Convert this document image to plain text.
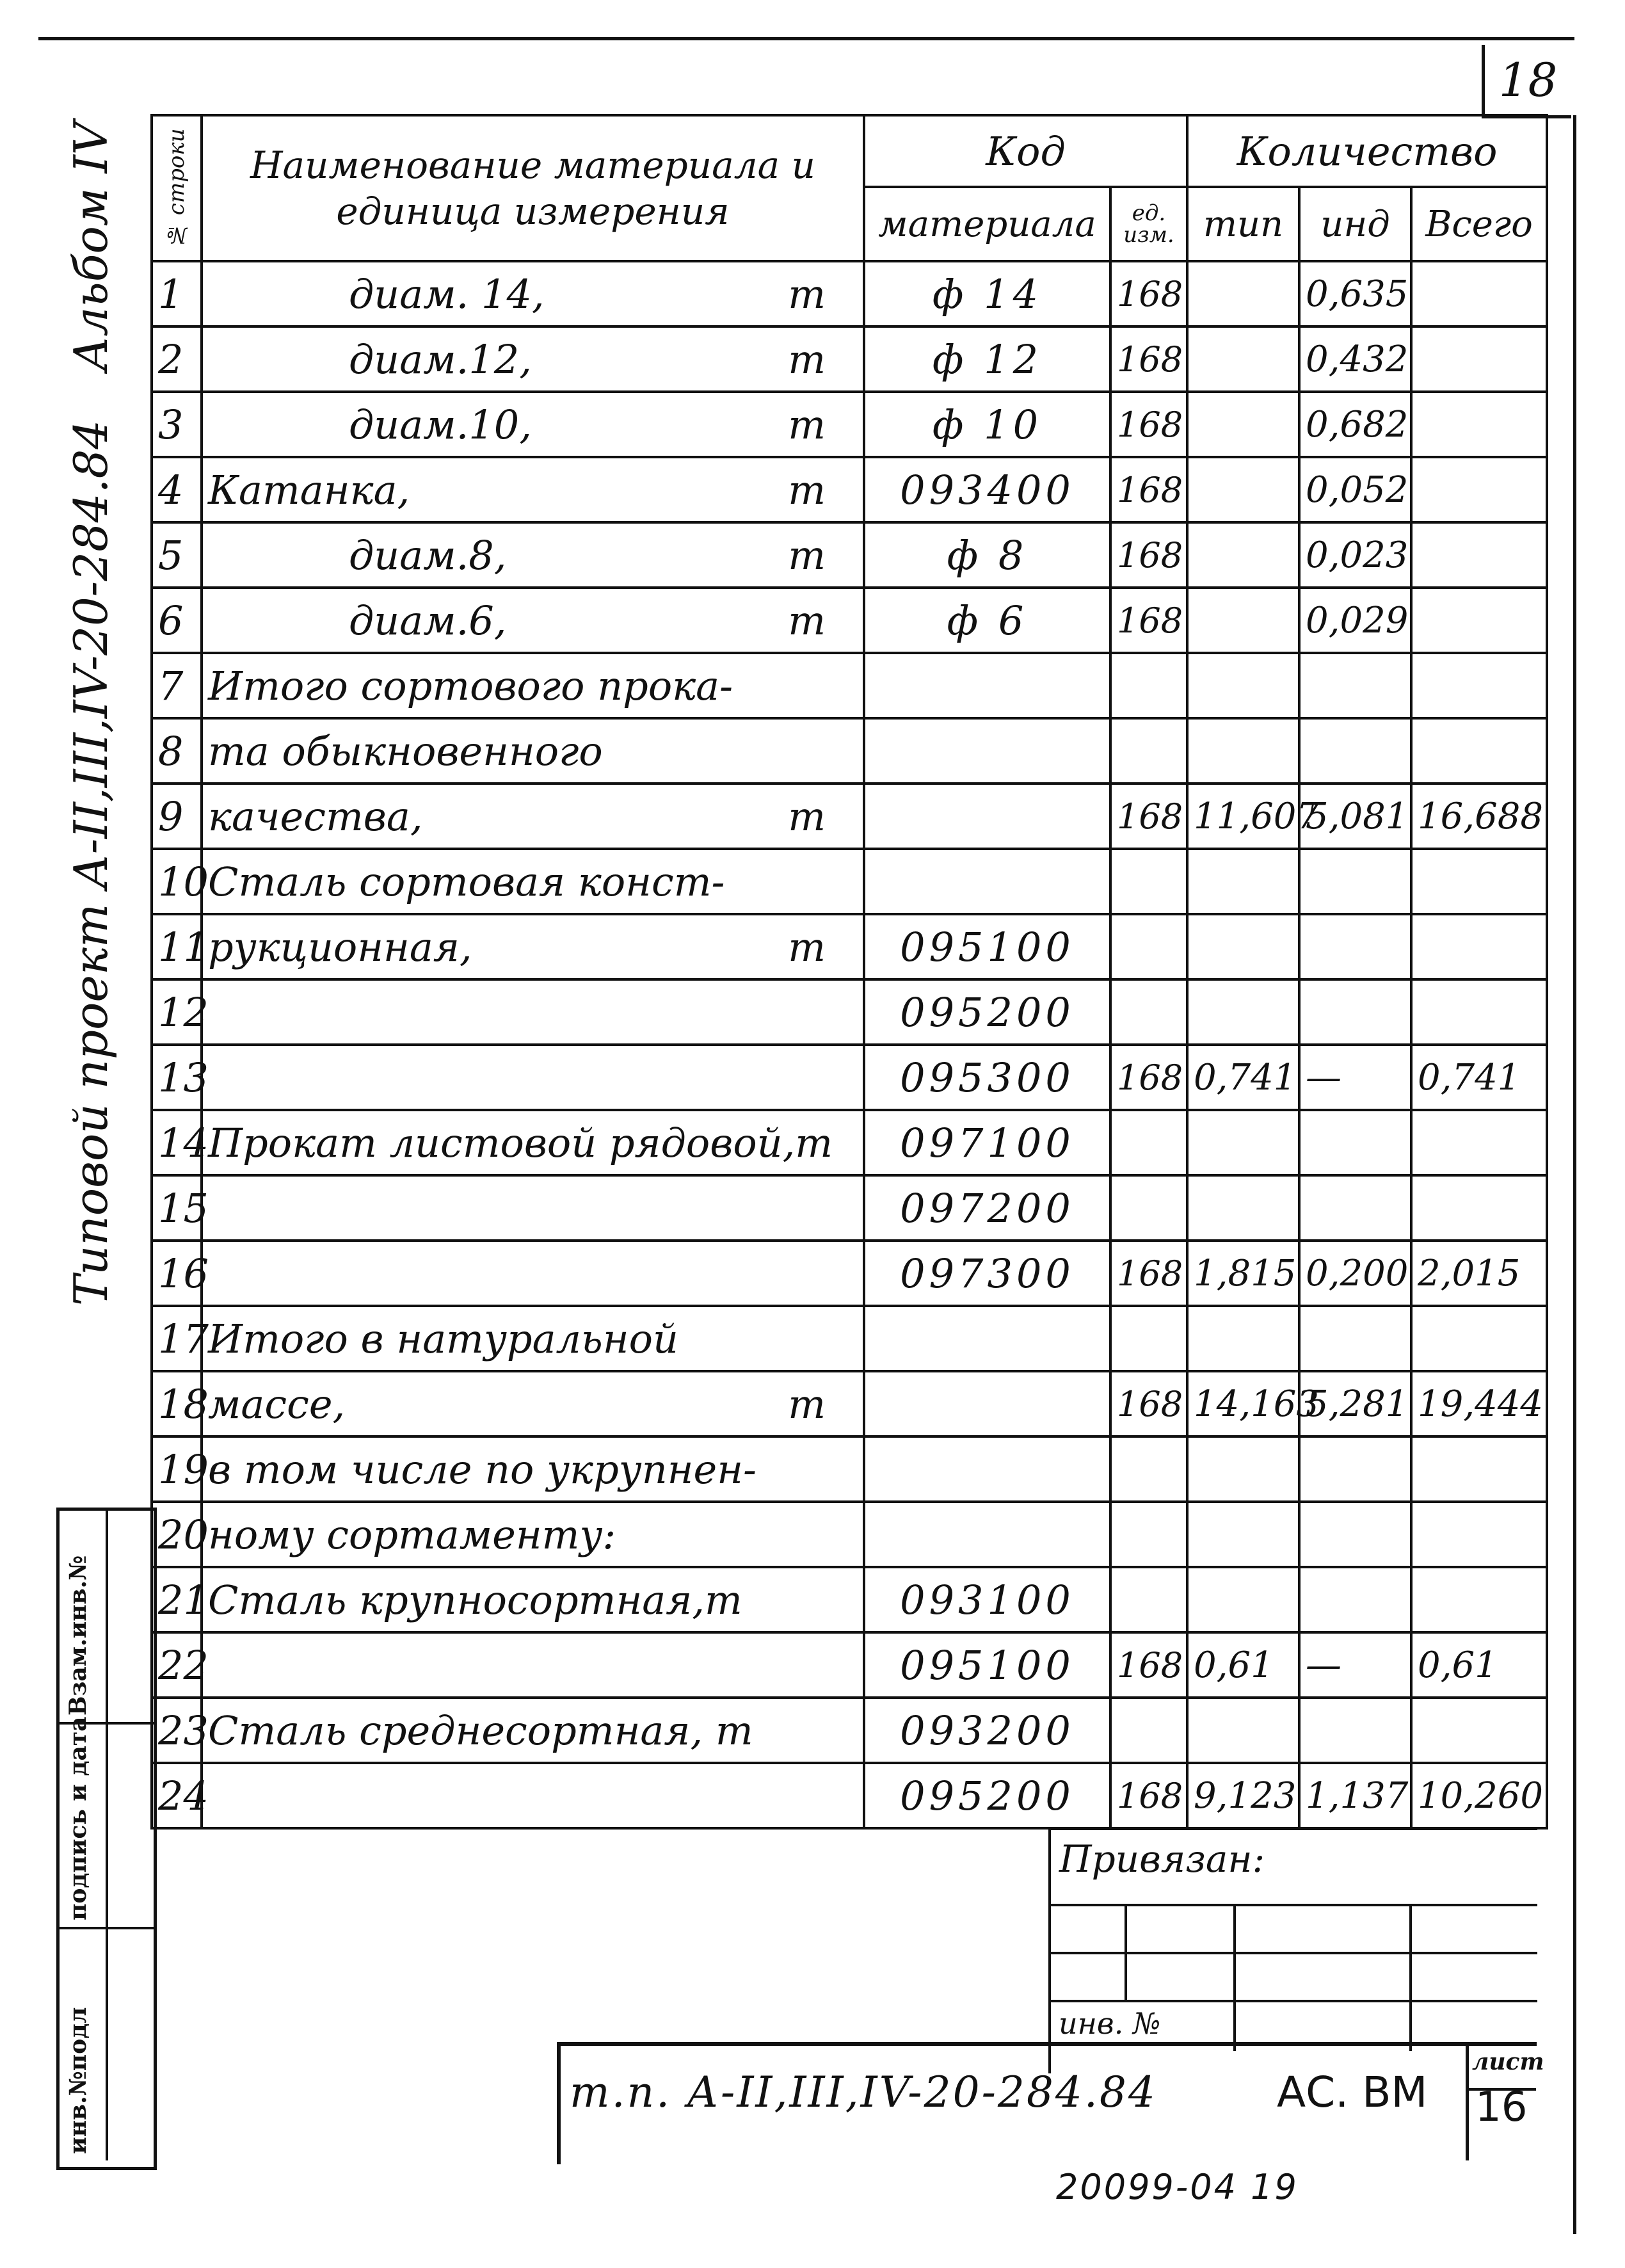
18
Альбом IV
Типовой проект А-II,III,IV-20-284.84
№ строки	Наименование материала и единица измерения	Код		Количество		
		материала	ед. изм.	тип	инд	Всего
1	диам. 14, т	ф 14	168		0,635	
2	диам.12, т	ф 12	168		0,432	
3	диам.10, т	ф 10	168		0,682	
4	Катанка, т	093400	168		0,052	
5	диам.8, т	ф 8	168		0,023	
6	диам.6, т	ф 6	168		0,029	
7	Итого сортового прока-					

8	та обыкновенного					

9	качества, т		168	11,607	5,081	16,688
10	Сталь сортовая конст-					

11	рукционная, т	095100				
12		095200				
13		095300	168	0,741	—	0,741
14	Прокат листовой рядовой,т	097100				
15		097200				
16		097300	168	1,815	0,200	2,015
17	Итого в натуральной					

18	массе, т		168	14,163	5,281	19,444
19	в том числе по укрупнен-					

20	ному сортаменту:					

21	Сталь крупносортная,т	093100				
22		095100	168	0,61	—	0,61
23	Сталь среднесортная, т	093200				
24		095200	168	9,123	1,137	10,260
Взам.инв.№
подпись и дата
инв.№подл	инв. №
Привязан:
т.п. А-II,III,IV-20-284.84	АС. ВМ
лист
16
20099-04 19
